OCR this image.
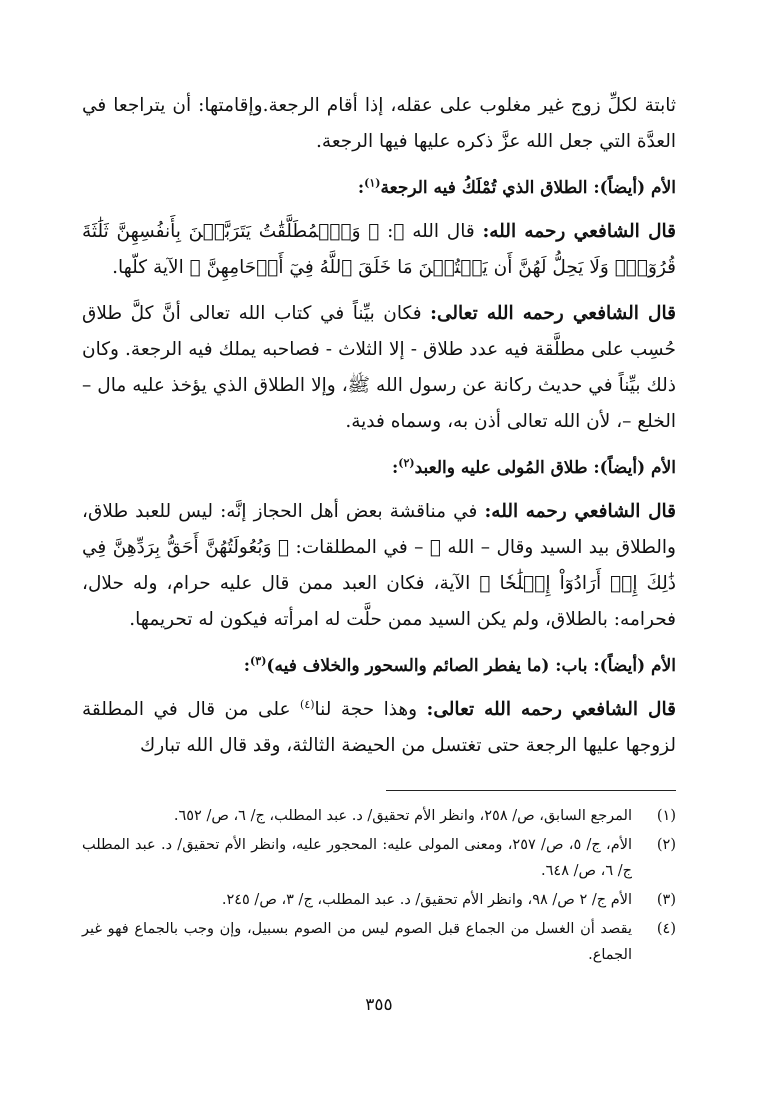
ثابتة لكلِّ زوج غير مغلوب على عقله، إذا أقام الرجعة.وإقامتها: أن يتراجعا في العدَّة التي جعل الله عزَّ ذكره عليها فيها الرجعة.

الأم (أيضاً): الطلاق الذي تُمْلَكُ فيه الرجعة$^{(١)}$:

قال الشافعي رحمه الله: قال الله ﷻ: ﴿ وَٱلۡمُطَلَّقَٰتُ يَتَرَبَّصۡنَ بِأَنفُسِهِنَّ ثَلَٰثَةَ قُرُوٓءٖۚ وَلَا يَحِلُّ لَهُنَّ أَن يَكۡتُمۡنَ مَا خَلَقَ ٱللَّهُ فِيٓ أَرۡحَامِهِنَّ ﴾ الآية كلّها.

قال الشافعي رحمه الله تعالى: فكان بيِّناً في كتاب الله تعالى أنَّ كلَّ طلاق حُسِب على مطلَّقة فيه عدد طلاق - إلا الثلاث - فصاحبه يملك فيه الرجعة. وكان ذلك بيِّناً في حديث ركانة عن رسول الله ﷺ، وإلا الطلاق الذي يؤخذ عليه مال – الخلع –، لأن الله تعالى أذن به، وسماه فدية.

الأم (أيضاً): طلاق المُولى عليه والعبد$^{(٢)}$:

قال الشافعي رحمه الله: في مناقشة بعض أهل الحجاز إنَّه: ليس للعبد طلاق، والطلاق بيد السيد وقال – الله ﷻ – في المطلقات: ﴿ وَبُعُولَتُهُنَّ أَحَقُّ بِرَدِّهِنَّ فِي ذَٰلِكَ إِنۡ أَرَادُوٓاْ إِصۡلَٰحٗا ﴾ الآية، فكان العبد ممن قال عليه حرام، وله حلال، فحرامه: بالطلاق، ولم يكن السيد ممن حلَّت له امرأته فيكون له تحريمها.

الأم (أيضاً): باب: (ما يفطر الصائم والسحور والخلاف فيه)$^{(٣)}$:

قال الشافعي رحمه الله تعالى: وهذا حجة لنا$^{(٤)}$ على من قال في المطلقة لزوجها عليها الرجعة حتى تغتسل من الحيضة الثالثة، وقد قال الله تبارك

(١)
المرجع السابق، ص/ ٢٥٨، وانظر الأم تحقيق/ د. عبد المطلب، ج/ ٦، ص/ ٦٥٢.
(٢)
الأم، ج/ ٥، ص/ ٢٥٧، ومعنى المولى عليه: المحجور عليه، وانظر الأم تحقيق/ د. عبد المطلب ج/ ٦، ص/ ٦٤٨.
(٣)
الأم ج/ ٢ ص/ ٩٨، وانظر الأم تحقيق/ د. عبد المطلب، ج/ ٣، ص/ ٢٤٥.
(٤)
يقصد أن الغسل من الجماع قبل الصوم ليس من الصوم بسبيل، وإن وجب بالجماع فهو غير الجماع.
٣٥٥
